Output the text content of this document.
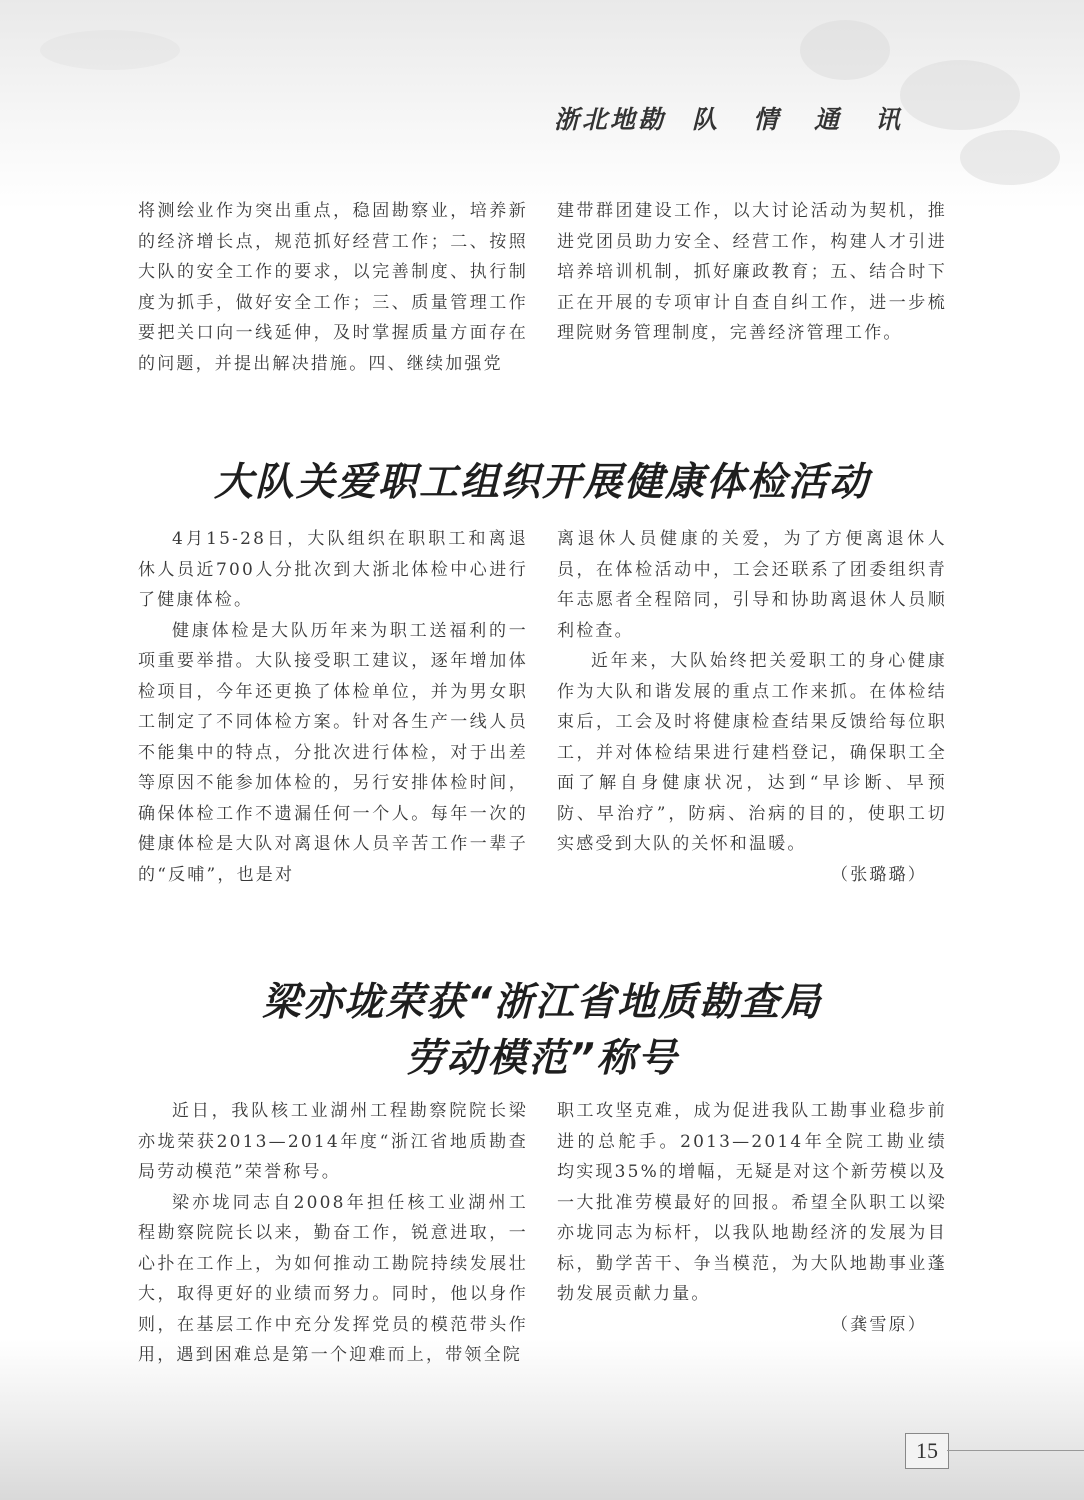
浙北地勘 队情通讯

将测绘业作为突出重点，稳固勘察业，培养新的经济增长点，规范抓好经营工作；二、按照大队的安全工作的要求，以完善制度、执行制度为抓手，做好安全工作；三、质量管理工作要把关口向一线延伸，及时掌握质量方面存在的问题，并提出解决措施。四、继续加强党

建带群团建设工作，以大讨论活动为契机，推进党团员助力安全、经营工作，构建人才引进培养培训机制，抓好廉政教育；五、结合时下正在开展的专项审计自查自纠工作，进一步梳理院财务管理制度，完善经济管理工作。

大队关爱职工组织开展健康体检活动

4月15-28日，大队组织在职职工和离退休人员近700人分批次到大浙北体检中心进行了健康体检。

健康体检是大队历年来为职工送福利的一项重要举措。大队接受职工建议，逐年增加体检项目，今年还更换了体检单位，并为男女职工制定了不同体检方案。针对各生产一线人员不能集中的特点，分批次进行体检，对于出差等原因不能参加体检的，另行安排体检时间，确保体检工作不遗漏任何一个人。每年一次的健康体检是大队对离退休人员辛苦工作一辈子的“反哺”，也是对

离退休人员健康的关爱，为了方便离退休人员，在体检活动中，工会还联系了团委组织青年志愿者全程陪同，引导和协助离退休人员顺利检查。

近年来，大队始终把关爱职工的身心健康作为大队和谐发展的重点工作来抓。在体检结束后，工会及时将健康检查结果反馈给每位职工，并对体检结果进行建档登记，确保职工全面了解自身健康状况，达到“早诊断、早预防、早治疗”，防病、治病的目的，使职工切实感受到大队的关怀和温暖。

（张璐璐）

梁亦垅荣获“浙江省地质勘查局
劳动模范”称号

近日，我队核工业湖州工程勘察院院长梁亦垅荣获2013—2014年度“浙江省地质勘查局劳动模范”荣誉称号。

梁亦垅同志自2008年担任核工业湖州工程勘察院院长以来，勤奋工作，锐意进取，一心扑在工作上，为如何推动工勘院持续发展壮大，取得更好的业绩而努力。同时，他以身作则，在基层工作中充分发挥党员的模范带头作用，遇到困难总是第一个迎难而上，带领全院

职工攻坚克难，成为促进我队工勘事业稳步前进的总舵手。2013—2014年全院工勘业绩均实现35%的增幅，无疑是对这个新劳模以及一大批准劳模最好的回报。希望全队职工以梁亦垅同志为标杆，以我队地勘经济的发展为目标，勤学苦干、争当模范，为大队地勘事业蓬勃发展贡献力量。

（龚雪原）

15
